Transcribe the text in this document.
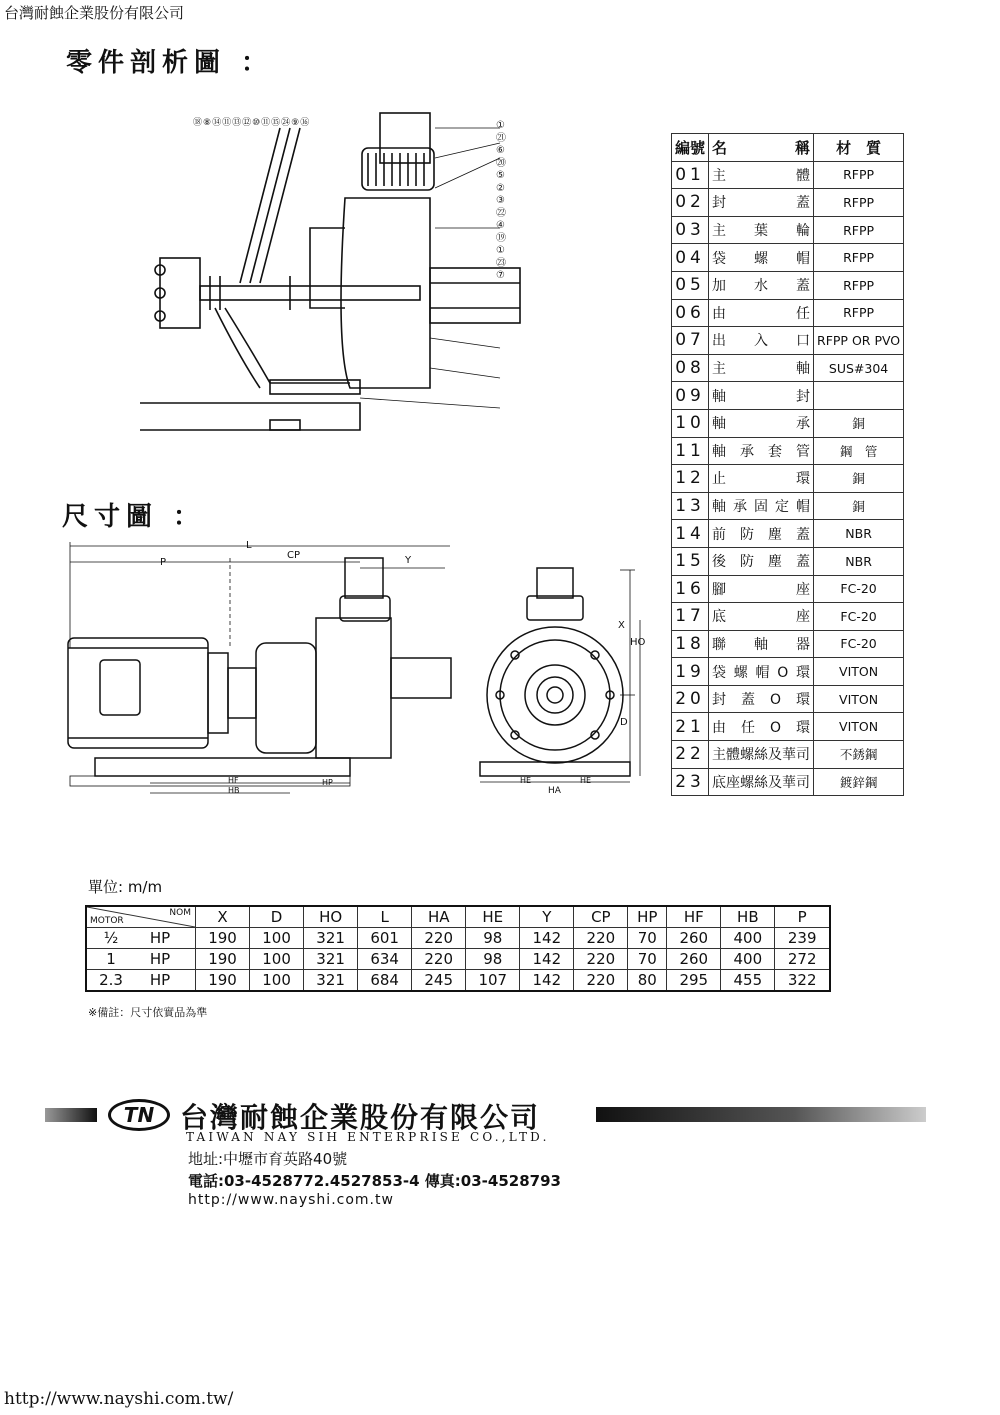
台灣耐蝕企業股份有限公司
零件剖析圖 ：
⑱⑧⑭⑪⑬⑫⑩⑪⑮㉔⑨⑯	①㉑⑥⑳⑤②③㉒④⑲①㉓⑦
編號	名　稱	材　質
01	主體	RFPP
02	封蓋	RFPP
03	主葉輪	RFPP
04	袋螺帽	RFPP
05	加水蓋	RFPP
06	由任	RFPP
07	出入口	RFPP OR PVO
08	主軸	SUS#304
09	軸封	
10	軸承	銅
11	軸承套管	鋼　管
12	止環	銅
13	軸承固定帽	銅
14	前防塵蓋	NBR
15	後防塵蓋	NBR
16	腳座	FC-20
17	底座	FC-20
18	聯軸器	FC-20
19	袋螺帽O環	VITON
20	封蓋O環	VITON
21	由任O環	VITON
22	主體螺絲及華司	不銹鋼
23	底座螺絲及華司	鍍鋅鋼
尺寸圖 ：
L
P
CP	Y
HF
HB
HP
X
HO
D
HE	HE
HA
單位: m/m
MOTOR
NOM	X	D	HO	L	HA	HE	Y	CP	HP	HF	HB	P
½ HP	190	100	321	601	220	98	142	220	70	260	400	239
1 HP	190	100	321	634	220	98	142	220	70	260	400	272
2.3 HP	190	100	321	684	245	107	142	220	80	295	455	322
※備註：尺寸依實品為準
TN 台灣耐蝕企業股份有限公司
TAIWAN NAY SIH ENTERPRISE CO.,LTD.
地址:中壢市育英路40號
電話:03-4528772.4527853-4 傳真:03-4528793
http://www.nayshi.com.tw
http://www.nayshi.com.tw/
